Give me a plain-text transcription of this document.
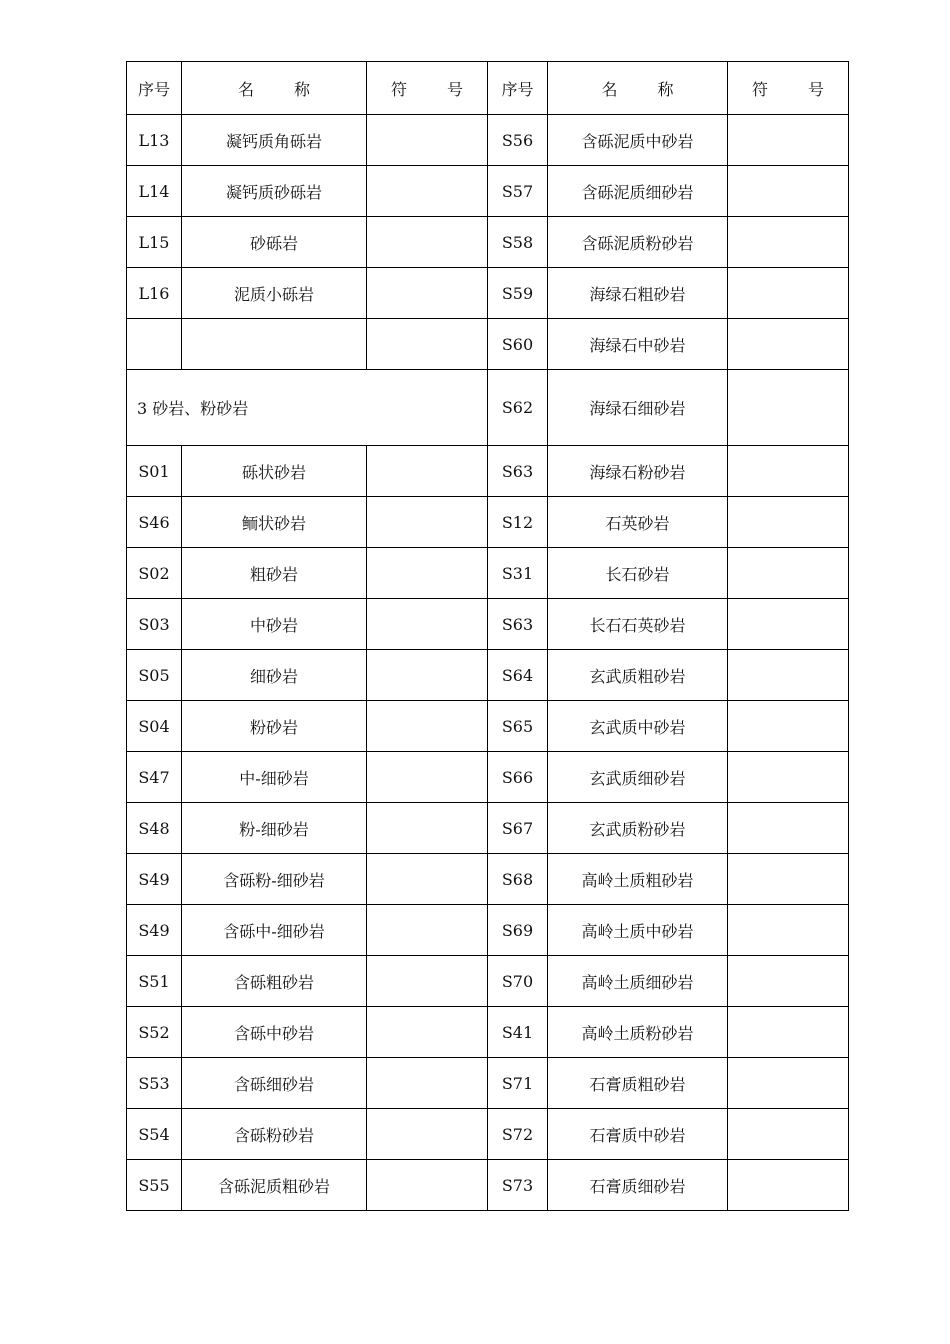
序号	名 称	符 号	序号	名 称	符 号
L13	凝钙质角砾岩		S56	含砾泥质中砂岩	
L14	凝钙质砂砾岩		S57	含砾泥质细砂岩	
L15	砂砾岩		S58	含砾泥质粉砂岩	
L16	泥质小砾岩		S59	海绿石粗砂岩	
			S60	海绿石中砂岩	
3 砂岩、粉砂岩			S62	海绿石细砂岩	
S01	砾状砂岩		S63	海绿石粉砂岩	
S46	鲕状砂岩		S12	石英砂岩	
S02	粗砂岩		S31	长石砂岩	
S03	中砂岩		S63	长石石英砂岩	
S05	细砂岩		S64	玄武质粗砂岩	
S04	粉砂岩		S65	玄武质中砂岩	
S47	中-细砂岩		S66	玄武质细砂岩	
S48	粉-细砂岩		S67	玄武质粉砂岩	
S49	含砾粉-细砂岩		S68	高岭土质粗砂岩	
S49	含砾中-细砂岩		S69	高岭土质中砂岩	
S51	含砾粗砂岩		S70	高岭土质细砂岩	
S52	含砾中砂岩		S41	高岭土质粉砂岩	
S53	含砾细砂岩		S71	石膏质粗砂岩	
S54	含砾粉砂岩		S72	石膏质中砂岩	
S55	含砾泥质粗砂岩		S73	石膏质细砂岩	
